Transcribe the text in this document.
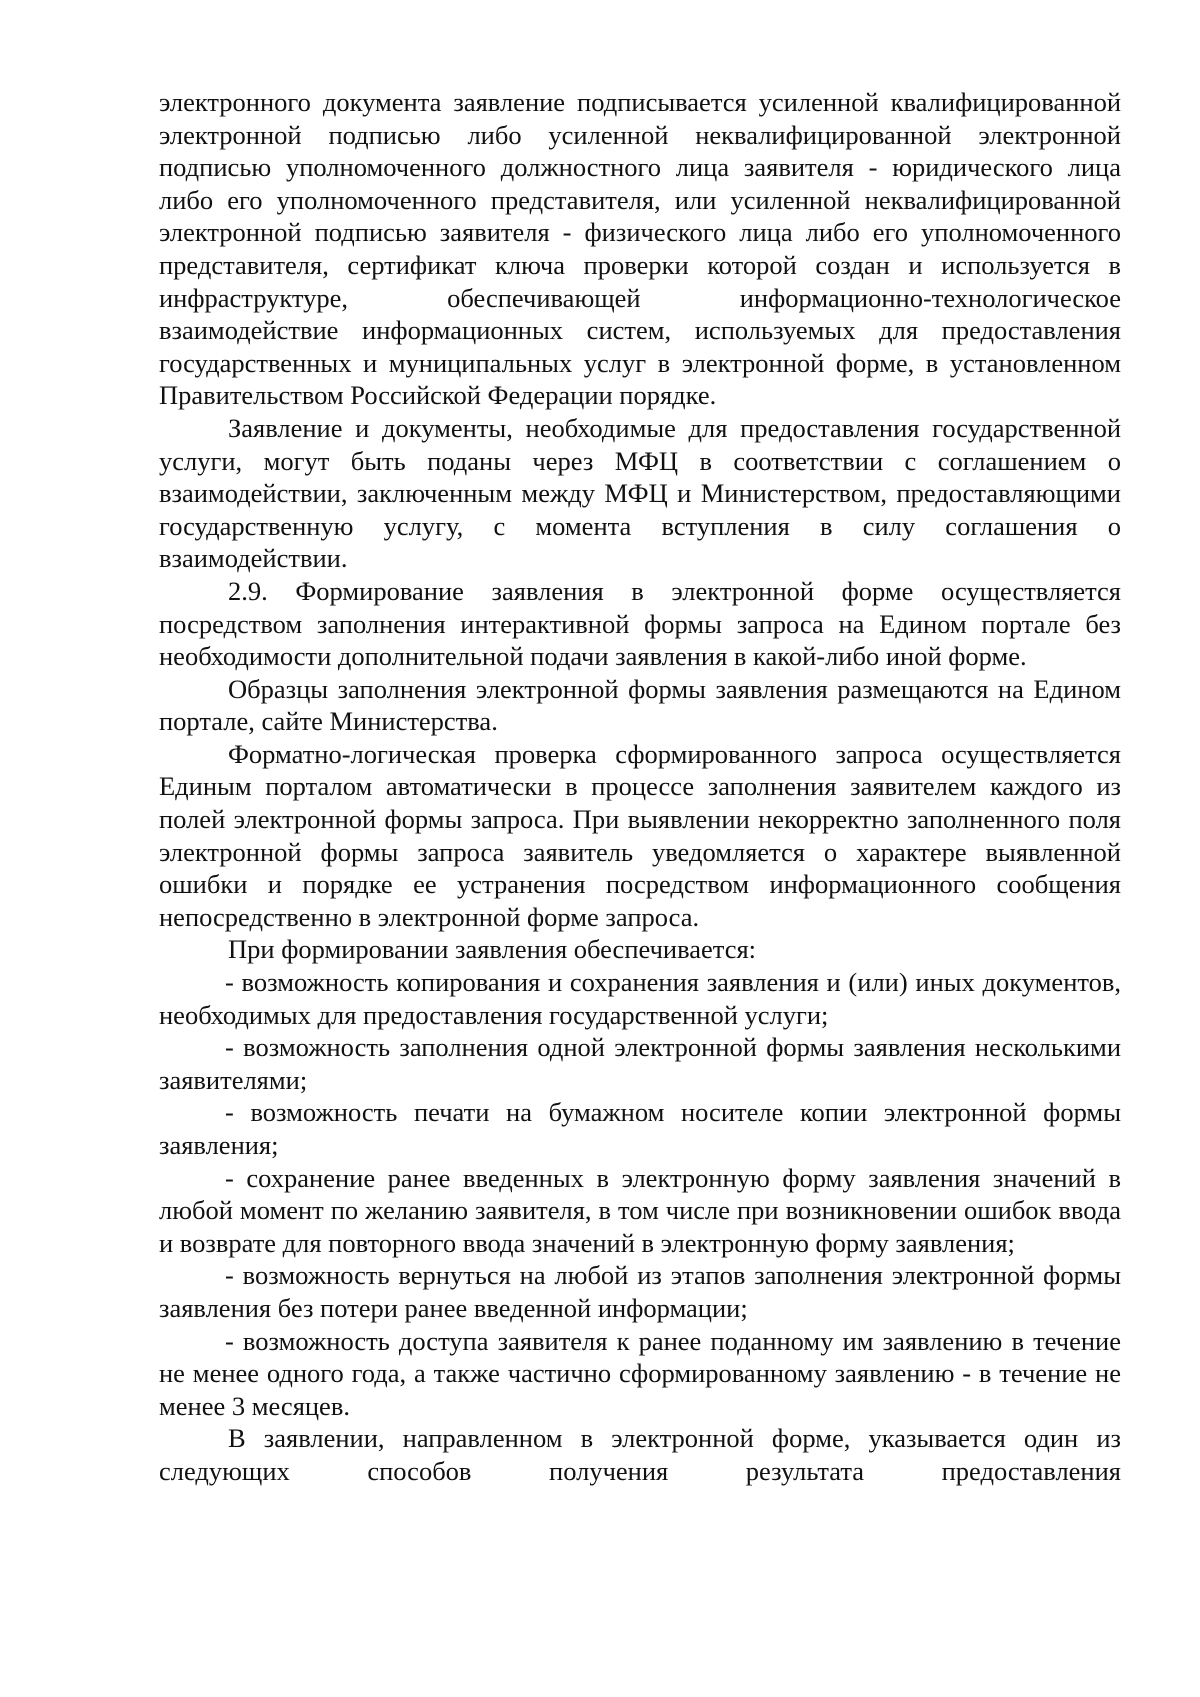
электронного документа заявление подписывается усиленной квалифицированной электронной подписью либо усиленной неквалифицированной электронной подписью уполномоченного должностного лица заявителя - юридического лица либо его уполномоченного представителя, или усиленной неквалифицированной электронной подписью заявителя - физического лица либо его уполномоченного представителя, сертификат ключа проверки которой создан и используется в инфраструктуре, обеспечивающей информационно-технологическое взаимодействие информационных систем, используемых для предоставления государственных и муниципальных услуг в электронной форме, в установленном Правительством Российской Федерации порядке.

Заявление и документы, необходимые для предоставления государственной услуги, могут быть поданы через МФЦ в соответствии с соглашением о взаимодействии, заключенным между МФЦ и Министерством, предоставляющими государственную услугу, с момента вступления в силу соглашения о взаимодействии.

2.9. Формирование заявления в электронной форме осуществляется посредством заполнения интерактивной формы запроса на Едином портале без необходимости дополнительной подачи заявления в какой-либо иной форме.

Образцы заполнения электронной формы заявления размещаются на Едином портале, сайте Министерства.

Форматно-логическая проверка сформированного запроса осуществляется Единым порталом автоматически в процессе заполнения заявителем каждого из полей электронной формы запроса. При выявлении некорректно заполненного поля электронной формы запроса заявитель уведомляется о характере выявленной ошибки и порядке ее устранения посредством информационного сообщения непосредственно в электронной форме запроса.

При формировании заявления обеспечивается:

- возможность копирования и сохранения заявления и (или) иных документов, необходимых для предоставления государственной услуги;

- возможность заполнения одной электронной формы заявления несколькими заявителями;

- возможность печати на бумажном носителе копии электронной формы заявления;

- сохранение ранее введенных в электронную форму заявления значений в любой момент по желанию заявителя, в том числе при возникновении ошибок ввода и возврате для повторного ввода значений в электронную форму заявления;

- возможность вернуться на любой из этапов заполнения электронной формы заявления без потери ранее введенной информации;

- возможность доступа заявителя к ранее поданному им заявлению в течение не менее одного года, а также частично сформированному заявлению - в течение не менее 3 месяцев.

В заявлении, направленном в электронной форме, указывается один из следующих способов получения результата предоставления
